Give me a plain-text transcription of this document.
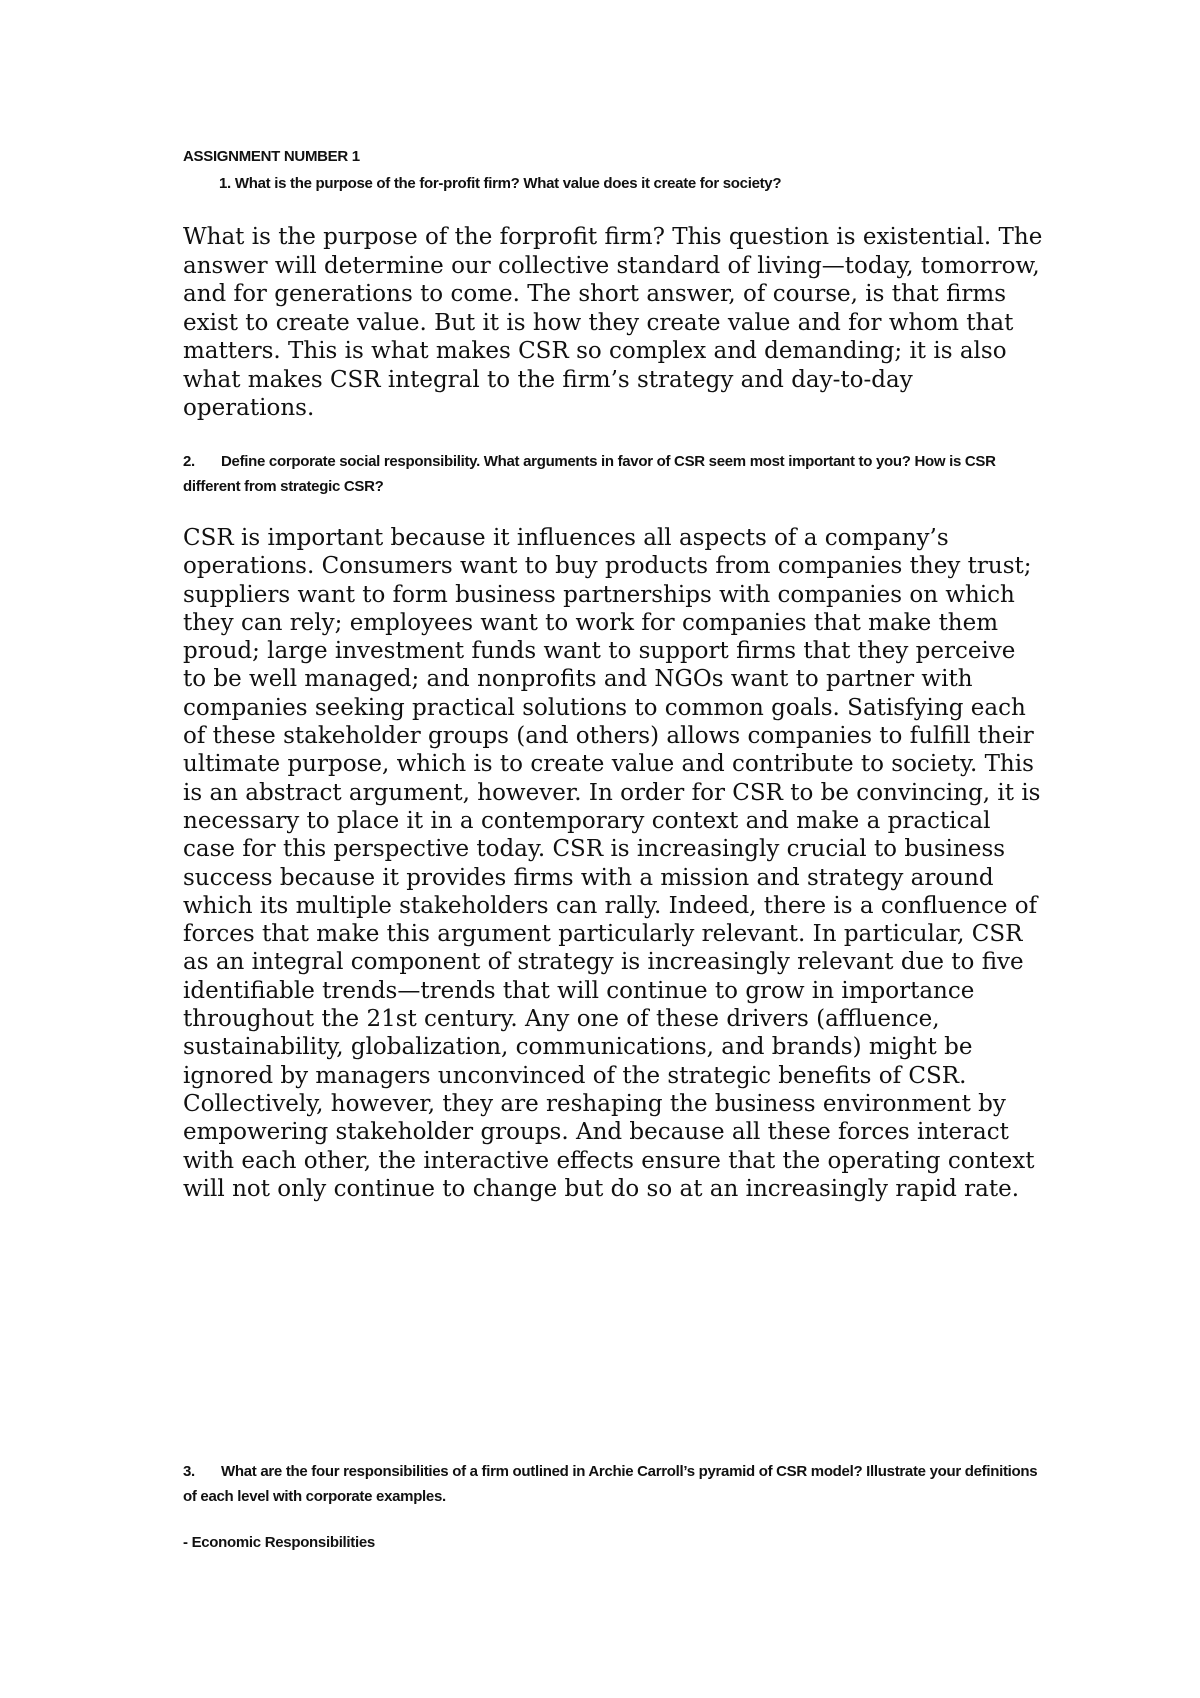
ASSIGNMENT NUMBER 1
1. What is the purpose of the for-profit firm? What value does it create for society?

What is the purpose of the forprofit firm? This question is existential. The answer will determine our collective standard of living—today, tomorrow, and for generations to come. The short answer, of course, is that firms exist to create value. But it is how they create value and for whom that matters. This is what makes CSR so complex and demanding; it is also what makes CSR integral to the firm’s strategy and day-to-day operations.

2. Define corporate social responsibility. What arguments in favor of CSR seem most important to you? How is CSR different from strategic CSR?

CSR is important because it influences all aspects of a company’s operations. Consumers want to buy products from companies they trust; suppliers want to form business partnerships with companies on which they can rely; employees want to work for companies that make them proud; large investment funds want to support firms that they perceive to be well managed; and nonprofits and NGOs want to partner with companies seeking practical solutions to common goals. Satisfying each of these stakeholder groups (and others) allows companies to fulfill their ultimate purpose, which is to create value and contribute to society. This is an abstract argument, however. In order for CSR to be convincing, it is necessary to place it in a contemporary context and make a practical case for this perspective today. CSR is increasingly crucial to business success because it provides firms with a mission and strategy around which its multiple stakeholders can rally. Indeed, there is a confluence of forces that make this argument particularly relevant. In particular, CSR as an integral component of strategy is increasingly relevant due to five identifiable trends—trends that will continue to grow in importance throughout the 21st century. Any one of these drivers (affluence, sustainability, globalization, communications, and brands) might be ignored by managers unconvinced of the strategic benefits of CSR. Collectively, however, they are reshaping the business environment by empowering stakeholder groups. And because all these forces interact with each other, the interactive effects ensure that the operating context will not only continue to change but do so at an increasingly rapid rate.

3. What are the four responsibilities of a firm outlined in Archie Carroll’s pyramid of CSR model? Illustrate your definitions of each level with corporate examples.

- Economic Responsibilities
